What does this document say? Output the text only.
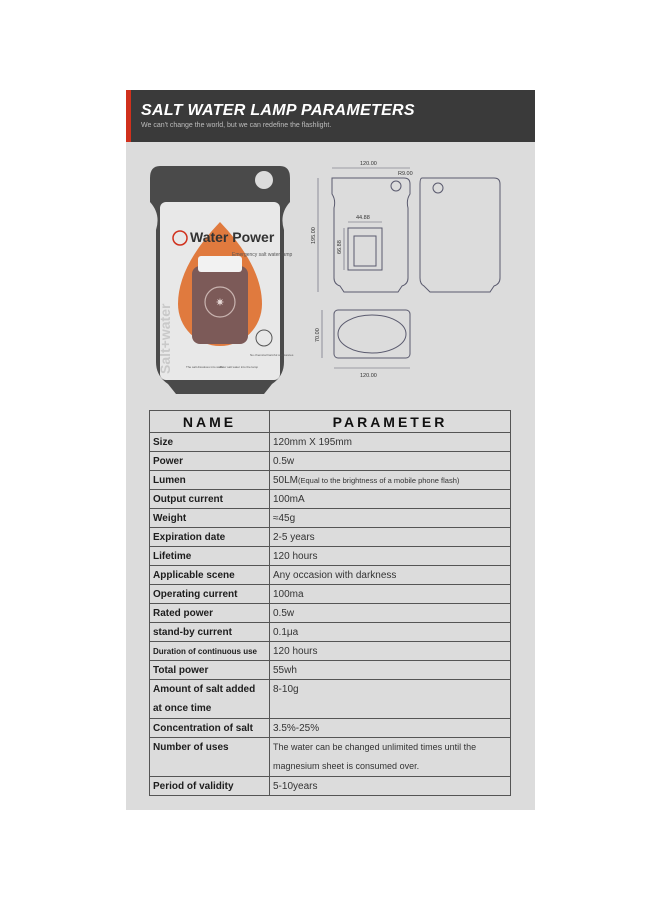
SALT WATER LAMP PARAMETERS
We can't change the world, but we can redefine the flashlight.
✷
Water Power
Emergency salt water lamp
Salt+water	The salt dissolves into water
Pour salt water into the lamp
No chemical harmful substances
120.00
R9.00
195.00
44.88
66.88
70.00
120.00
NAME	PARAMETER
Size	120mm X 195mm
Power	0.5w
Lumen	50LM(Equal to the brightness of a mobile phone flash)
Output current	100mA
Weight	≈45g
Expiration date	2-5 years
Lifetime	120 hours
Applicable scene	Any occasion with darkness
Operating current	100ma
Rated power	0.5w
stand-by current	0.1μa
Duration of continuous use	120 hours
Total power	55wh
Amount of salt added at once time	8-10g
Concentration of salt	3.5%-25%
Number of uses	The water can be changed unlimited times until the magnesium sheet is consumed over.
Period of validity	5-10years
